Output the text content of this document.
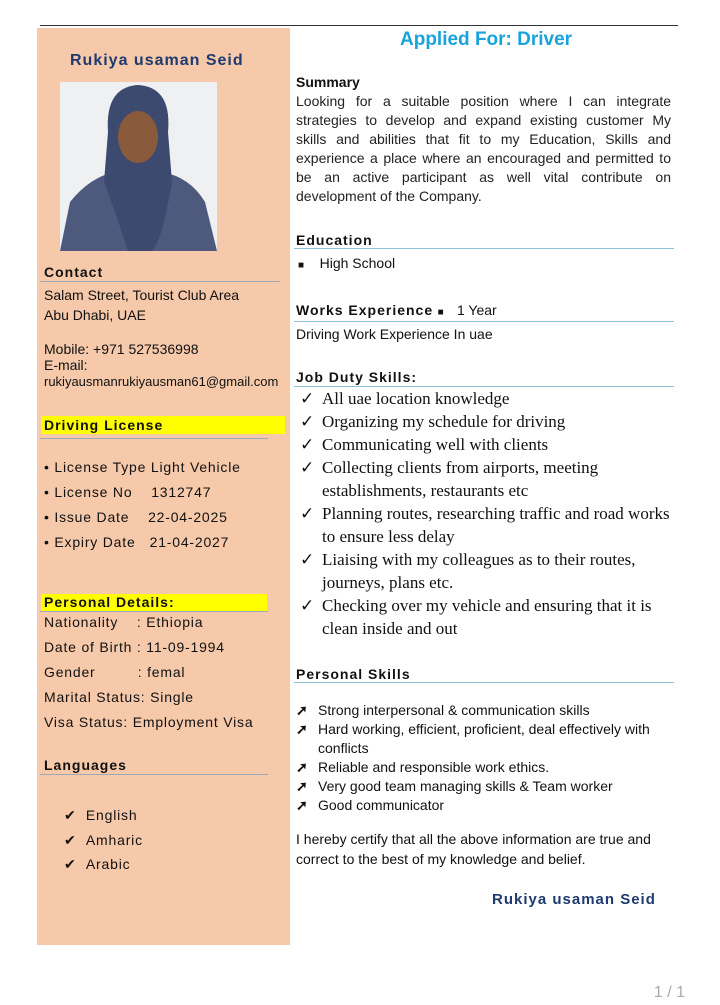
Rukiya usaman Seid
Contact
Salam Street, Tourist Club Area
Abu Dhabi, UAE
Mobile: +971 527536998
E-mail:
rukiyausmanrukiyausman61@gmail.com
Driving License
• License Type Light Vehicle
• License No    1312747
• Issue Date    22-04-2025
• Expiry Date   21-04-2027
Personal Details:
Nationality    : Ethiopia
Date of Birth : 11-09-1994
Gender         : femal
Marital Status: Single
Visa Status: Employment Visa
Languages
✔  English
✔  Amharic
✔  Arabic
Applied For: Driver
Summary
Looking for a suitable position where I can integrate strategies to develop and expand existing customer My skills and abilities that fit to my Education, Skills and experience a place where an encouraged and permitted to be an active participant as well vital contribute on development of the Company.
Education
■ High School
Works Experience ■ 1 Year
Driving Work Experience In uae
Job Duty Skills:
✓ All uae location knowledge
✓ Organizing my schedule for driving
✓ Communicating well with clients
✓ Collecting clients from airports, meeting establishments, restaurants etc
✓ Planning routes, researching traffic and road works to ensure less delay
✓ Liaising with my colleagues as to their routes, journeys, plans etc.
✓ Checking over my vehicle and ensuring that it is clean inside and out
Personal Skills
➚ Strong interpersonal & communication skills
➚ Hard working, efficient, proficient, deal effectively with conflicts
➚ Reliable and responsible work ethics.
➚ Very good team managing skills & Team worker
➚ Good communicator
I hereby certify that all the above information are true and correct to the best of my knowledge and belief.
Rukiya usaman Seid
1 / 1
